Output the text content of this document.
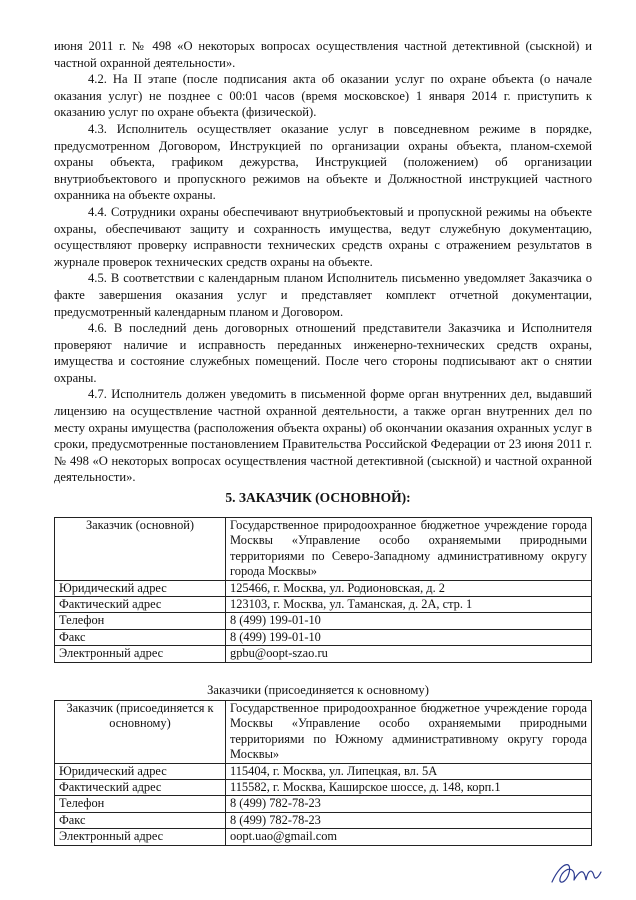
июня 2011 г. № 498 «О некоторых вопросах осуществления частной детективной (сыскной) и частной охранной деятельности».

4.2. На II этапе (после подписания акта об оказании услуг по охране объекта (о начале оказания услуг) не позднее с 00:01 часов (время московское) 1 января 2014 г. приступить к оказанию услуг по охране объекта (физической).

4.3. Исполнитель осуществляет оказание услуг в повседневном режиме в порядке, предусмотренном Договором, Инструкцией по организации охраны объекта, планом-схемой охраны объекта, графиком дежурства, Инструкцией (положением) об организации внутриобъектового и пропускного режимов на объекте и Должностной инструкцией частного охранника на объекте охраны.

4.4. Сотрудники охраны обеспечивают внутриобъектовый и пропускной режимы на объекте охраны, обеспечивают защиту и сохранность имущества, ведут служебную документацию, осуществляют проверку исправности технических средств охраны с отражением результатов в журнале проверок технических средств охраны на объекте.

4.5. В соответствии с календарным планом Исполнитель письменно уведомляет Заказчика о факте завершения оказания услуг и представляет комплект отчетной документации, предусмотренный календарным планом и Договором.

4.6. В последний день договорных отношений представители Заказчика и Исполнителя проверяют наличие и исправность переданных инженерно-технических средств охраны, имущества и состояние служебных помещений. После чего стороны подписывают акт о снятии охраны.

4.7. Исполнитель должен уведомить в письменной форме орган внутренних дел, выдавший лицензию на осуществление частной охранной деятельности, а также орган внутренних дел по месту охраны имущества (расположения объекта охраны) об окончании оказания охранных услуг в сроки, предусмотренные постановлением Правительства Российской Федерации от 23 июня 2011 г. № 498 «О некоторых вопросах осуществления частной детективной (сыскной) и частной охранной деятельности».

5. ЗАКАЗЧИК (ОСНОВНОЙ):
Заказчик (основной)	Государственное природоохранное бюджетное учреждение города Москвы «Управление особо охраняемыми природными территориями по Северо-Западному административному округу города Москвы»
Юридический адрес	125466, г. Москва, ул. Родионовская, д. 2
Фактический адрес	123103, г. Москва, ул. Таманская, д. 2А, стр. 1
Телефон	8 (499) 199-01-10
Факс	8 (499) 199-01-10
Электронный адрес	gpbu@oopt-szao.ru
Заказчики (присоединяется к основному)
Заказчик (присоединяется к основному)	Государственное природоохранное бюджетное учреждение города Москвы «Управление особо охраняемыми природными территориями по Южному административному округу города Москвы»
Юридический адрес	115404, г. Москва, ул. Липецкая, вл. 5А
Фактический адрес	115582, г. Москва, Каширское шоссе, д. 148, корп.1
Телефон	8 (499) 782-78-23
Факс	8 (499) 782-78-23
Электронный адрес	oopt.uao@gmail.com
